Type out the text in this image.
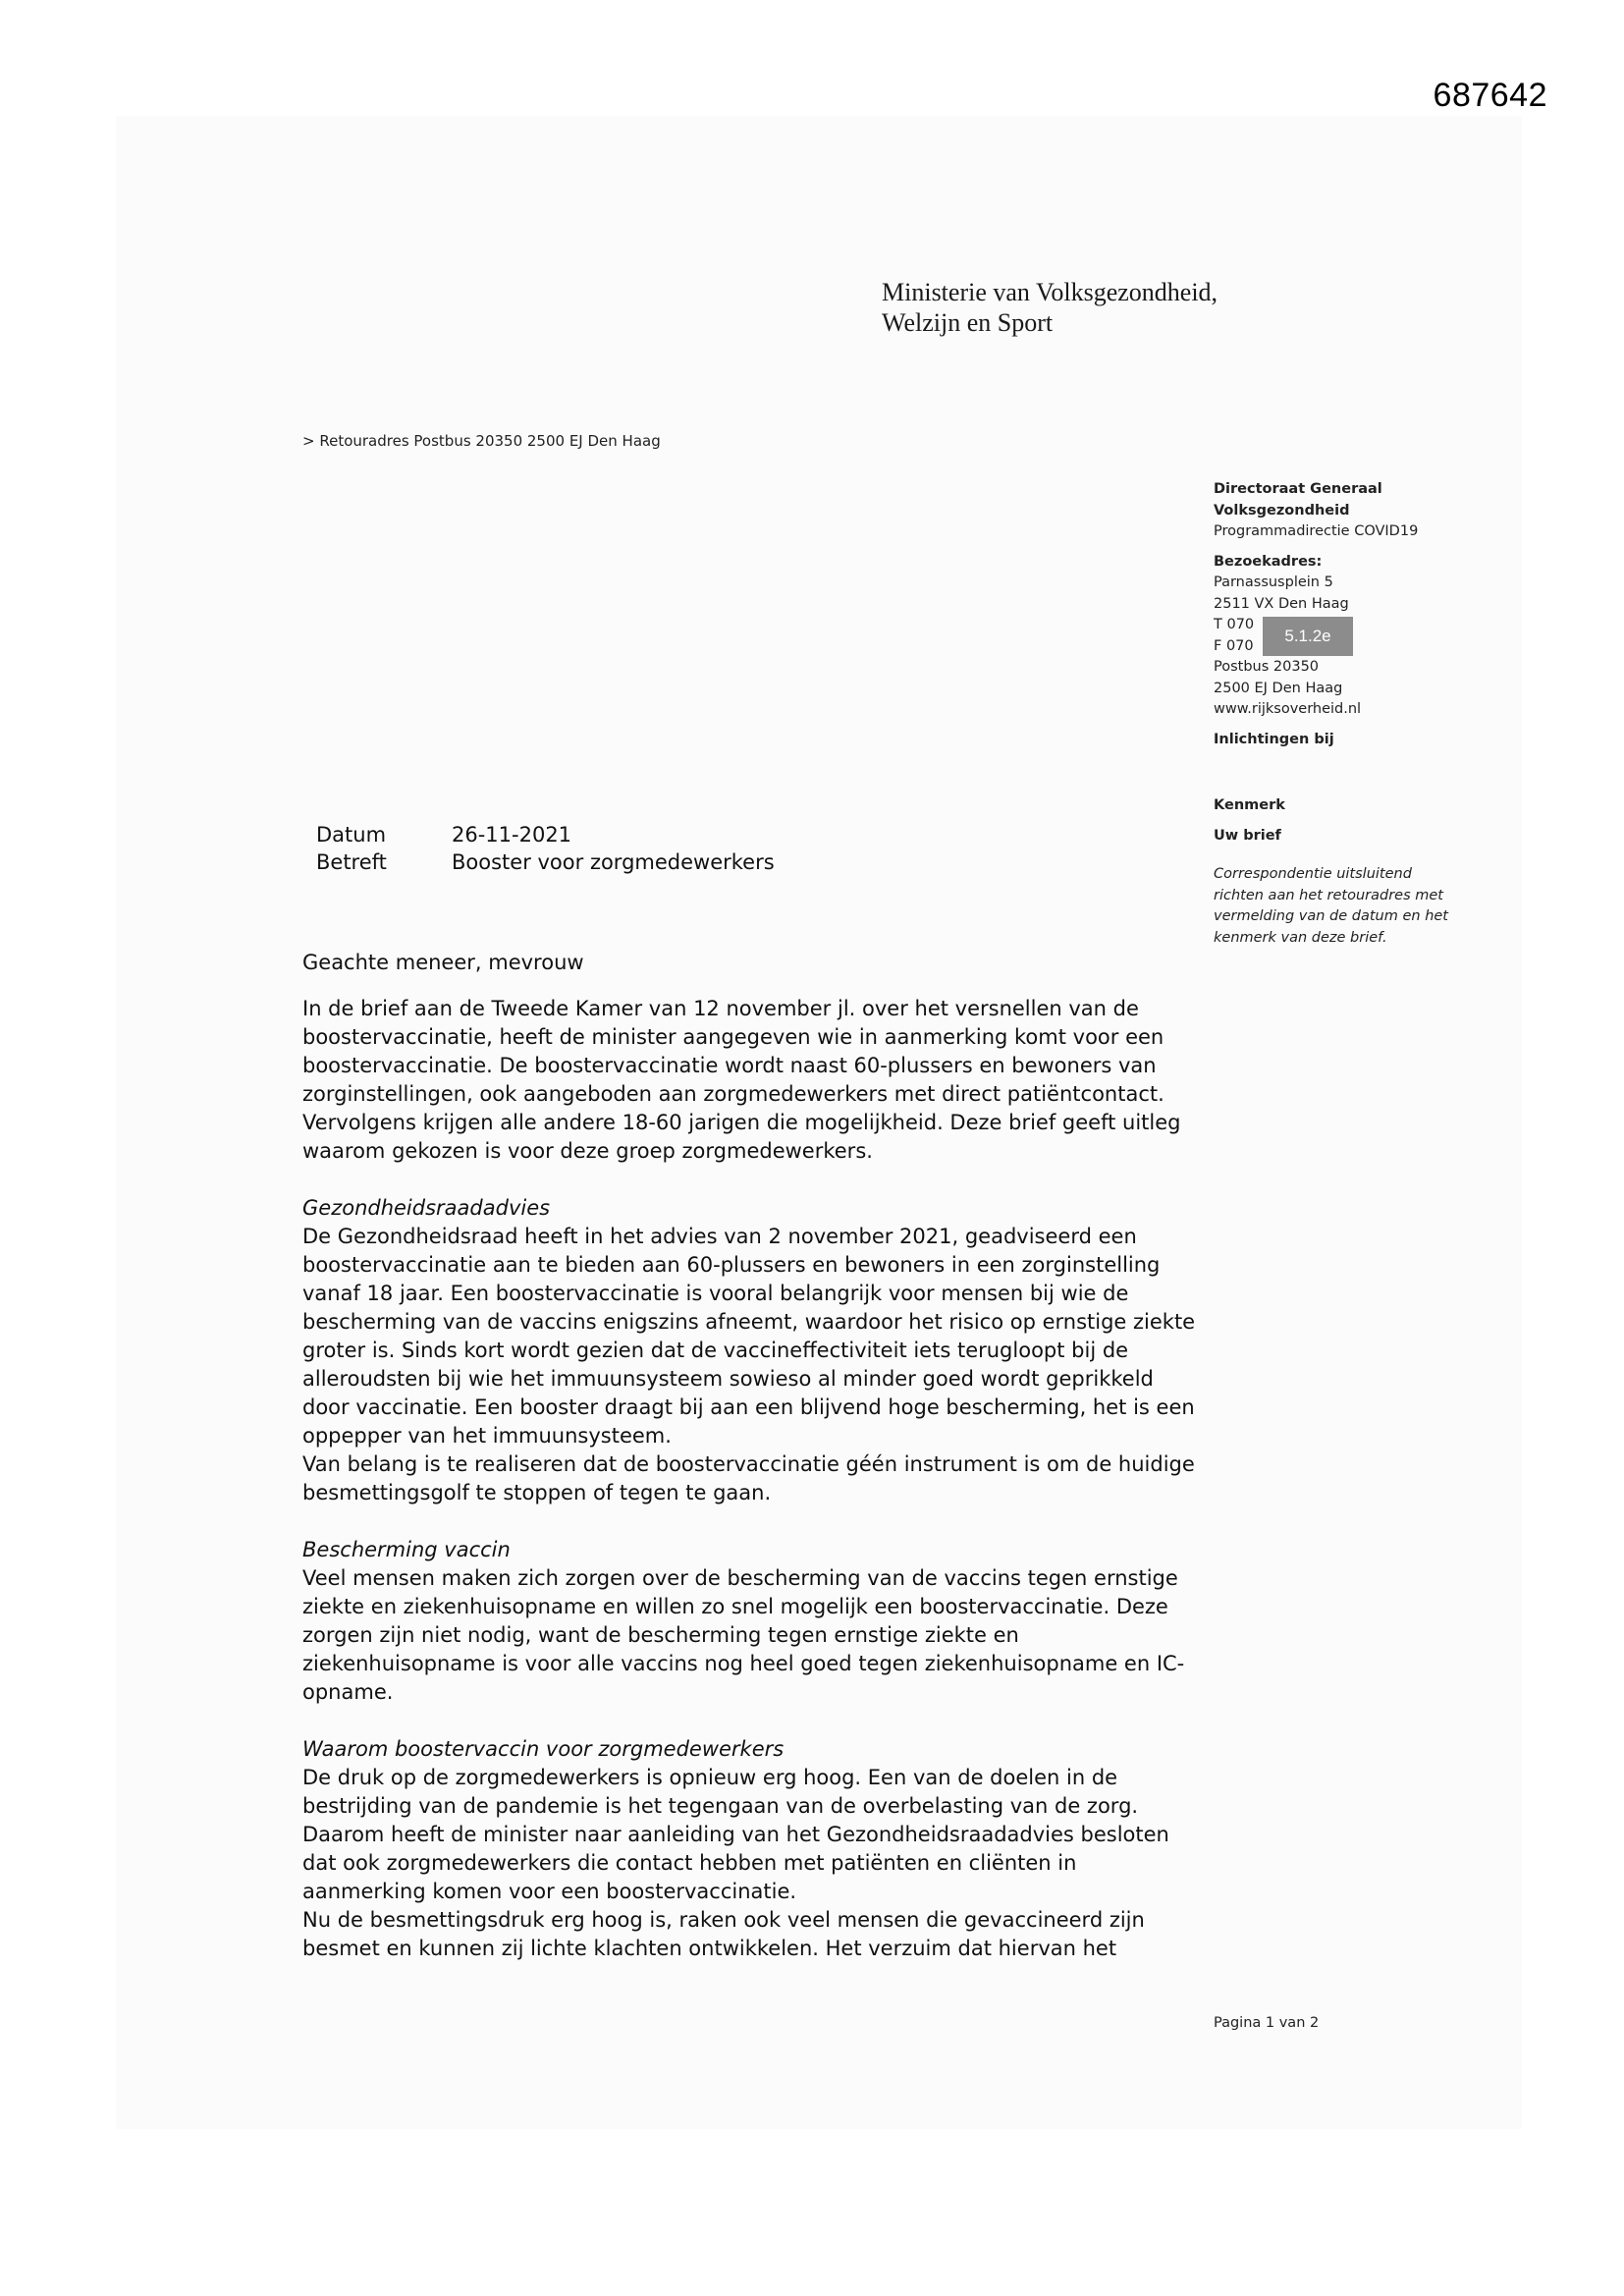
687642
Ministerie van Volksgezondheid,
Welzijn en Sport
> Retouradres Postbus 20350 2500 EJ Den Haag
Directoraat Generaal
Volksgezondheid
Programmadirectie COVID19
Bezoekadres:
Parnassusplein 5
2511 VX Den Haag
T 070
F 070
5.1.2e
Postbus 20350
2500 EJ Den Haag
www.rijksoverheid.nl
Inlichtingen bij
Kenmerk
Uw brief
Correspondentie uitsluitend richten aan het retouradres met vermelding van de datum en het kenmerk van deze brief.
Datum	26-11-2021
Betreft	Booster voor zorgmedewerkers

Geachte meneer, mevrouw

In de brief aan de Tweede Kamer van 12 november jl. over het versnellen van de boostervaccinatie, heeft de minister aangegeven wie in aanmerking komt voor een boostervaccinatie. De boostervaccinatie wordt naast 60-plussers en bewoners van zorginstellingen, ook aangeboden aan zorgmedewerkers met direct patiëntcontact. Vervolgens krijgen alle andere 18-60 jarigen die mogelijkheid. Deze brief geeft uitleg waarom gekozen is voor deze groep zorgmedewerkers.

Gezondheidsraadadvies

De Gezondheidsraad heeft in het advies van 2 november 2021, geadviseerd een boostervaccinatie aan te bieden aan 60-plussers en bewoners in een zorginstelling vanaf 18 jaar. Een boostervaccinatie is vooral belangrijk voor mensen bij wie de bescherming van de vaccins enigszins afneemt, waardoor het risico op ernstige ziekte groter is. Sinds kort wordt gezien dat de vaccineffectiviteit iets terugloopt bij de alleroudsten bij wie het immuunsysteem sowieso al minder goed wordt geprikkeld door vaccinatie. Een booster draagt bij aan een blijvend hoge bescherming, het is een oppepper van het immuunsysteem.

Van belang is te realiseren dat de boostervaccinatie géén instrument is om de huidige besmettingsgolf te stoppen of tegen te gaan.

Bescherming vaccin

Veel mensen maken zich zorgen over de bescherming van de vaccins tegen ernstige ziekte en ziekenhuisopname en willen zo snel mogelijk een boostervaccinatie. Deze zorgen zijn niet nodig, want de bescherming tegen ernstige ziekte en ziekenhuisopname is voor alle vaccins nog heel goed tegen ziekenhuisopname en IC-opname.

Waarom boostervaccin voor zorgmedewerkers

De druk op de zorgmedewerkers is opnieuw erg hoog. Een van de doelen in de bestrijding van de pandemie is het tegengaan van de overbelasting van de zorg. Daarom heeft de minister naar aanleiding van het Gezondheidsraadadvies besloten dat ook zorgmedewerkers die contact hebben met patiënten en cliënten in aanmerking komen voor een boostervaccinatie.

Nu de besmettingsdruk erg hoog is, raken ook veel mensen die gevaccineerd zijn besmet en kunnen zij lichte klachten ontwikkelen. Het verzuim dat hiervan het

Pagina 1 van 2
